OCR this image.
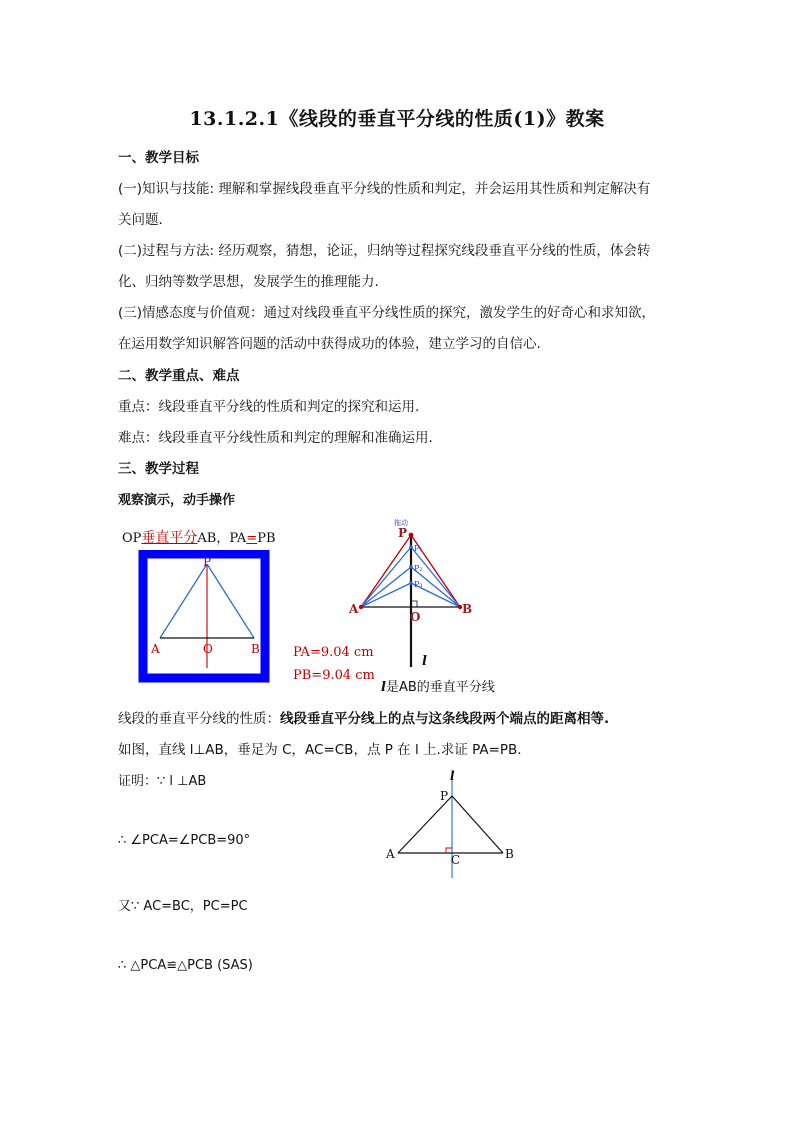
13.1.2.1《线段的垂直平分线的性质(1)》教案
一、教学目标
(一)知识与技能: 理解和掌握线段垂直平分线的性质和判定，并会运用其性质和判定解决有
关问题.
(二)过程与方法: 经历观察，猜想，论证，归纳等过程探究线段垂直平分线的性质，体会转
化、归纳等数学思想，发展学生的推理能力.
(三)情感态度与价值观：通过对线段垂直平分线性质的探究，激发学生的好奇心和求知欲，
在运用数学知识解答问题的活动中获得成功的体验，建立学习的自信心.
二、教学重点、难点
重点：线段垂直平分线的性质和判定的探究和运用.
难点：线段垂直平分线性质和判定的理解和准确运用.
三、教学过程
观察演示，动手操作
OP垂直平分AB，PA=PB
P
A	O	B	PA=9.04 cm
PB=9.04 cm
拖动
P
P₁
P₂
P₃
A	B
O
l
l是AB的垂直平分线
线段的垂直平分线的性质：线段垂直平分线上的点与这条线段两个端点的距离相等.
如图，直线 l⊥AB，垂足为 C，AC=CB，点 P 在 l 上.求证 PA=PB.
证明：∵ l ⊥AB
∴ ∠PCA=∠PCB=90°
又∵ AC=BC，PC=PC
∴ △PCA≌△PCB (SAS)
l
P
A	C	B
